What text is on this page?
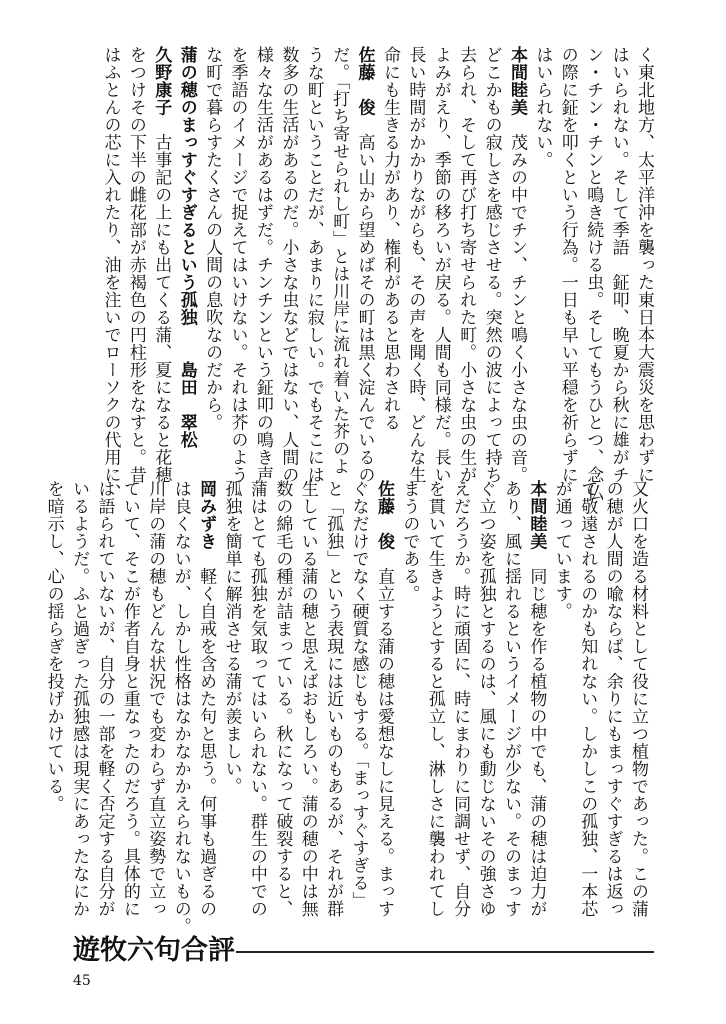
く東北地方、太平洋沖を襲った東日本大震災を思わずに
はいられない。そして季語　鉦叩、晩夏から秋に雄がチ
ン・チン・チンと鳴き続ける虫。そしてもうひとつ、念仏
の際に鉦を叩くという行為。一日も早い平穏を祈らずに
はいられない。
本間睦美　茂みの中でチン、チンと鳴く小さな虫の音。
どこかもの寂しさを感じさせる。突然の波によって持ち
去られ、そして再び打ち寄せられた町。小さな虫の生が
よみがえり、季節の移ろいが戻る。人間も同様だ。長い
長い時間がかかりながらも、その声を聞く時、どんな生
命にも生きる力があり、権利があると思わされる
佐藤　俊　高い山から望めばその町は黒く淀んでいるの
だ。「打ち寄せられし町」とは川岸に流れ着いた芥のよ
うな町ということだが、あまりに寂しい。でもそこには
数多の生活があるのだ。小さな虫などではない、人間の
様々な生活があるはずだ。チンチンという鉦叩の鳴き声
を季語のイメージで捉えてはいけない。それは芥のよう
な町で暮らすたくさんの人間の息吹なのだから。
蒲の穂のまっすぐすぎるという孤独　　島田　翠松
久野康子　古事記の上にも出てくる蒲、夏になると花穂
をつけその下半の雌花部が赤褐色の円柱形をなすと。昔
はふとんの芯に入れたり、油を注いでローソクの代用に、
又火口を造る材料として役に立つ植物であった。この蒲
の穂が人間の喩ならば、余りにもまっすぐすぎるは返っ
て敬遠されるのかも知れない。しかしこの孤独、一本芯
が通っています。
本間睦美　同じ穂を作る植物の中でも、蒲の穂は迫力が
あり、風に揺れるというイメージが少ない。そのまっす
ぐ立つ姿を孤独とするのは、風にも動じないその強さゆ
えだろうか。時に頑固に、時にまわりに同調せず、自分
を貫いて生きようとすると孤立し、淋しさに襲われてし
まうのである。
佐藤　俊　直立する蒲の穂は愛想なしに見える。まっす
ぐなだけでなく硬質な感じもする。「まっすぐすぎる」
と「孤独」という表現には近いものもあるが、それが群
生している蒲の穂と思えばおもしろい。蒲の穂の中は無
数の綿毛の種が詰まっている。秋になって破裂すると、
蒲はとても孤独を気取ってはいられない。群生の中での
孤独を簡単に解消させる蒲が羨ましい。
岡みずき　軽く自戒を含めた句と思う。何事も過ぎるの
は良くないが、しかし性格はなかなかかえられないもの。
川岸の蒲の穂もどんな状況でも変わらず直立姿勢で立っ
ていて、そこが作者自身と重なったのだろう。具体的に
は語られていないが、自分の一部を軽く否定する自分が
いるようだ。ふと過ぎった孤独感は現実にあったなにか
を暗示し、心の揺らぎを投げかけている。
遊牧六句合評
45
